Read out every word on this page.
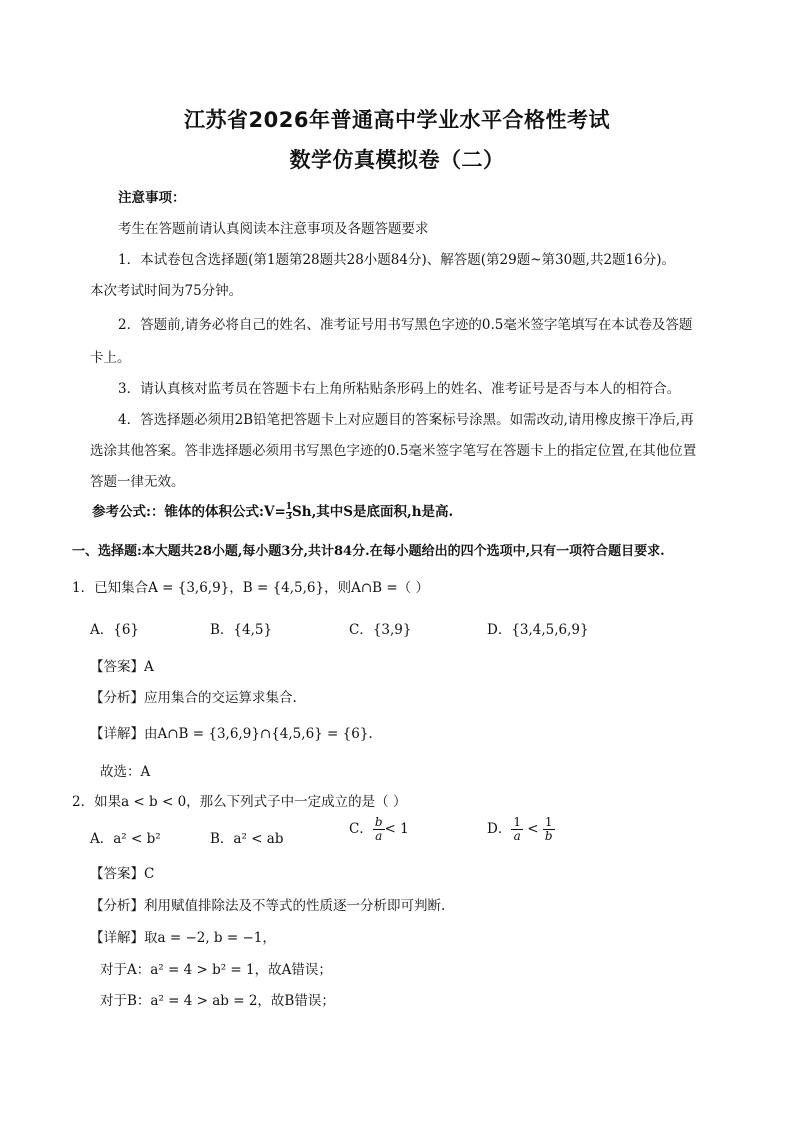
江苏省2026年普通高中学业水平合格性考试
数学仿真模拟卷（二）
注意事项：
考生在答题前请认真阅读本注意事项及各题答题要求
1．本试卷包含选择题(第1题第28题共28小题84分)、解答题(第29题~第30题,共2题16分)。
本次考试时间为75分钟。
2．答题前,请务必将自己的姓名、准考证号用书写黑色字迹的0.5毫米签字笔填写在本试卷及答题
卡上。
3．请认真核对监考员在答题卡右上角所粘贴条形码上的姓名、准考证号是否与本人的相符合。
4．答选择题必须用2B铅笔把答题卡上对应题目的答案标号涂黑。如需改动,请用橡皮擦干净后,再
选涂其他答案。答非选择题必须用书写黑色字迹的0.5毫米签字笔写在答题卡上的指定位置,在其他位置
答题一律无效。
参考公式:：锥体的体积公式:V= $\frac{1}{3}Sh$,其中S是底面积,h是高.
一、选择题:本大题共28小题,每小题3分,共计84分.在每小题给出的四个选项中,只有一项符合题目要求.
1．已知集合A = {3,6,9}，B = {4,5,6}，则A∩B =（ ）
A．{6}	B．{4,5}	C．{3,9}	D．{3,4,5,6,9}
【答案】A
【分析】应用集合的交运算求集合.
【详解】由A∩B = {3,6,9}∩{4,5,6} = {6}.
故选：A
2．如果a < b < 0，那么下列式子中一定成立的是（ ）
A．a² < b²	B．a² < ab
C． $\frac{b}{a} < 1$	D． $\frac{1}{a} < \frac{1}{b}$
【答案】C
【分析】利用赋值排除法及不等式的性质逐一分析即可判断.
【详解】取a = −2, b = −1，
对于A：a² = 4 > b² = 1，故A错误；
对于B：a² = 4 > ab = 2，故B错误；
